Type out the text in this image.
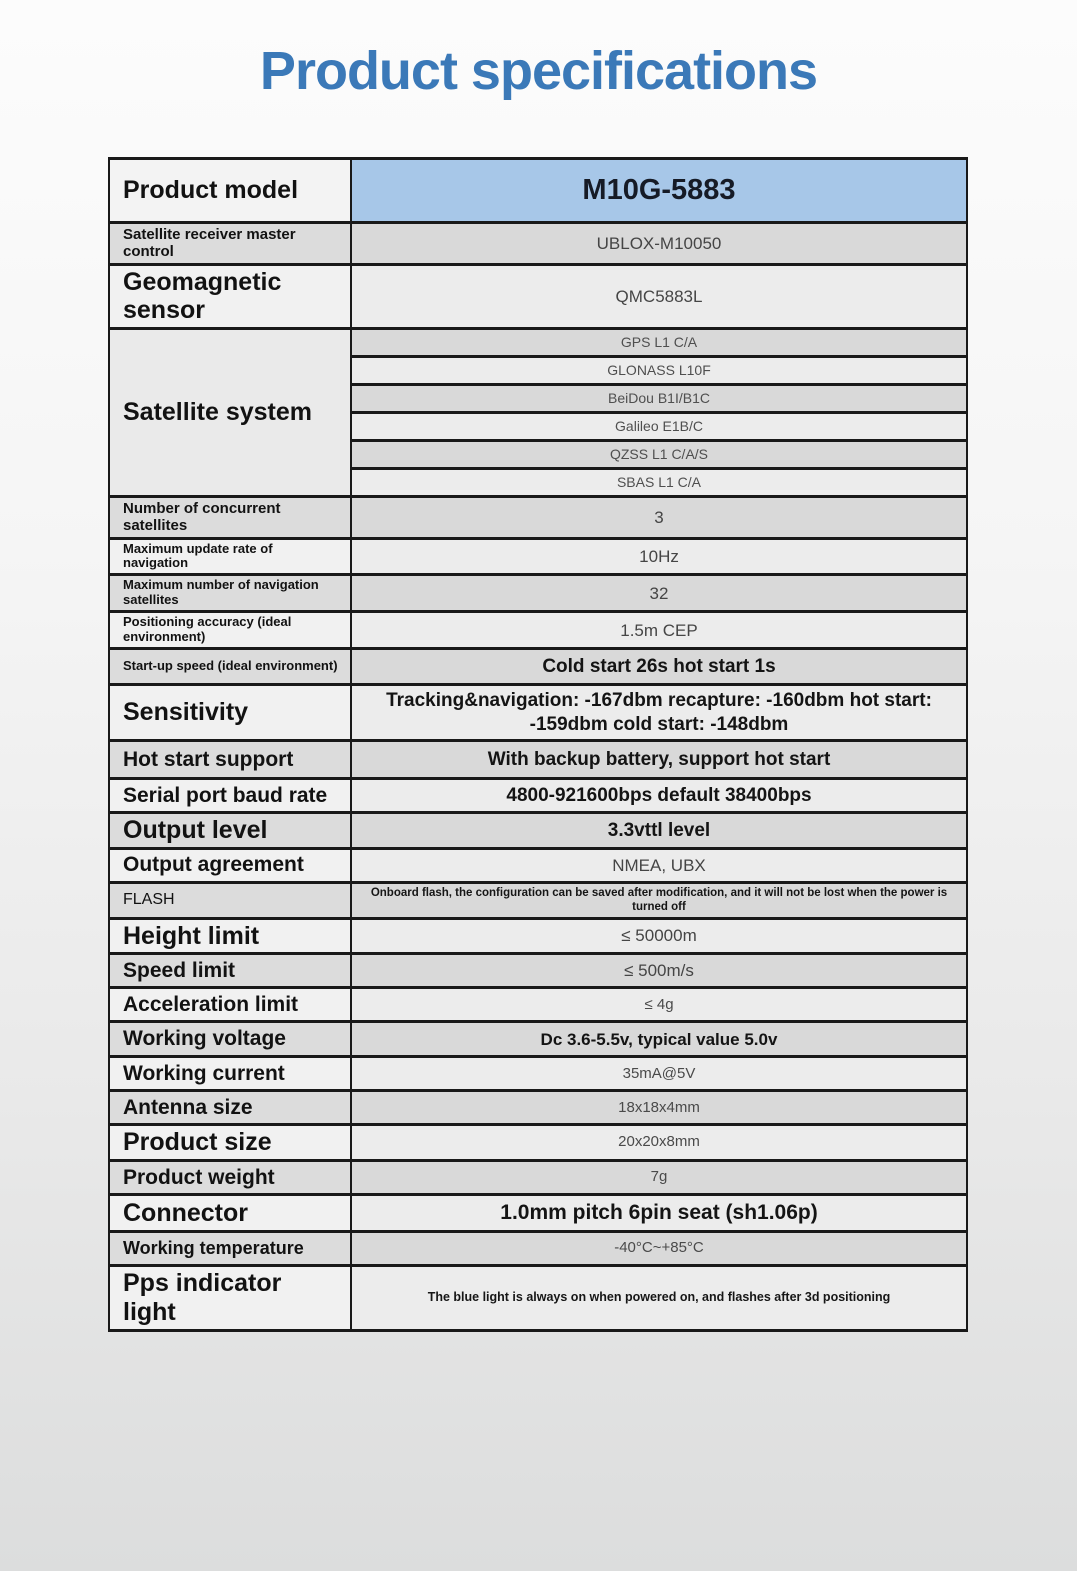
Product specifications
Product model	M10G-5883
Satellite receiver master control	UBLOX-M10050
Geomagnetic sensor	QMC5883L
Satellite system	GPS L1 C/A
	GLONASS L10F
	BeiDou B1I/B1C
	Galileo E1B/C
	QZSS L1 C/A/S
	SBAS L1 C/A
Number of concurrent satellites	3
Maximum update rate of navigation	10Hz
Maximum number of navigation satellites	32
Positioning accuracy (ideal environment)	1.5m CEP
Start-up speed (ideal environment)	Cold start 26s hot start 1s
Sensitivity	Tracking&navigation: -167dbm recapture: -160dbm hot start: -159dbm cold start: -148dbm
Hot start support	With backup battery, support hot start
Serial port baud rate	4800-921600bps default 38400bps
Output level	3.3vttl level
Output agreement	NMEA, UBX
FLASH	Onboard flash, the configuration can be saved after modification, and it will not be lost when the power is turned off
Height limit	≤ 50000m
Speed limit	≤ 500m/s
Acceleration limit	≤ 4g
Working voltage	Dc 3.6-5.5v, typical value 5.0v
Working current	35mA@5V
Antenna size	18x18x4mm
Product size	20x20x8mm
Product weight	7g
Connector	1.0mm pitch 6pin seat (sh1.06p)
Working temperature	-40°C~+85°C
Pps indicator light	The blue light is always on when powered on, and flashes after 3d positioning
